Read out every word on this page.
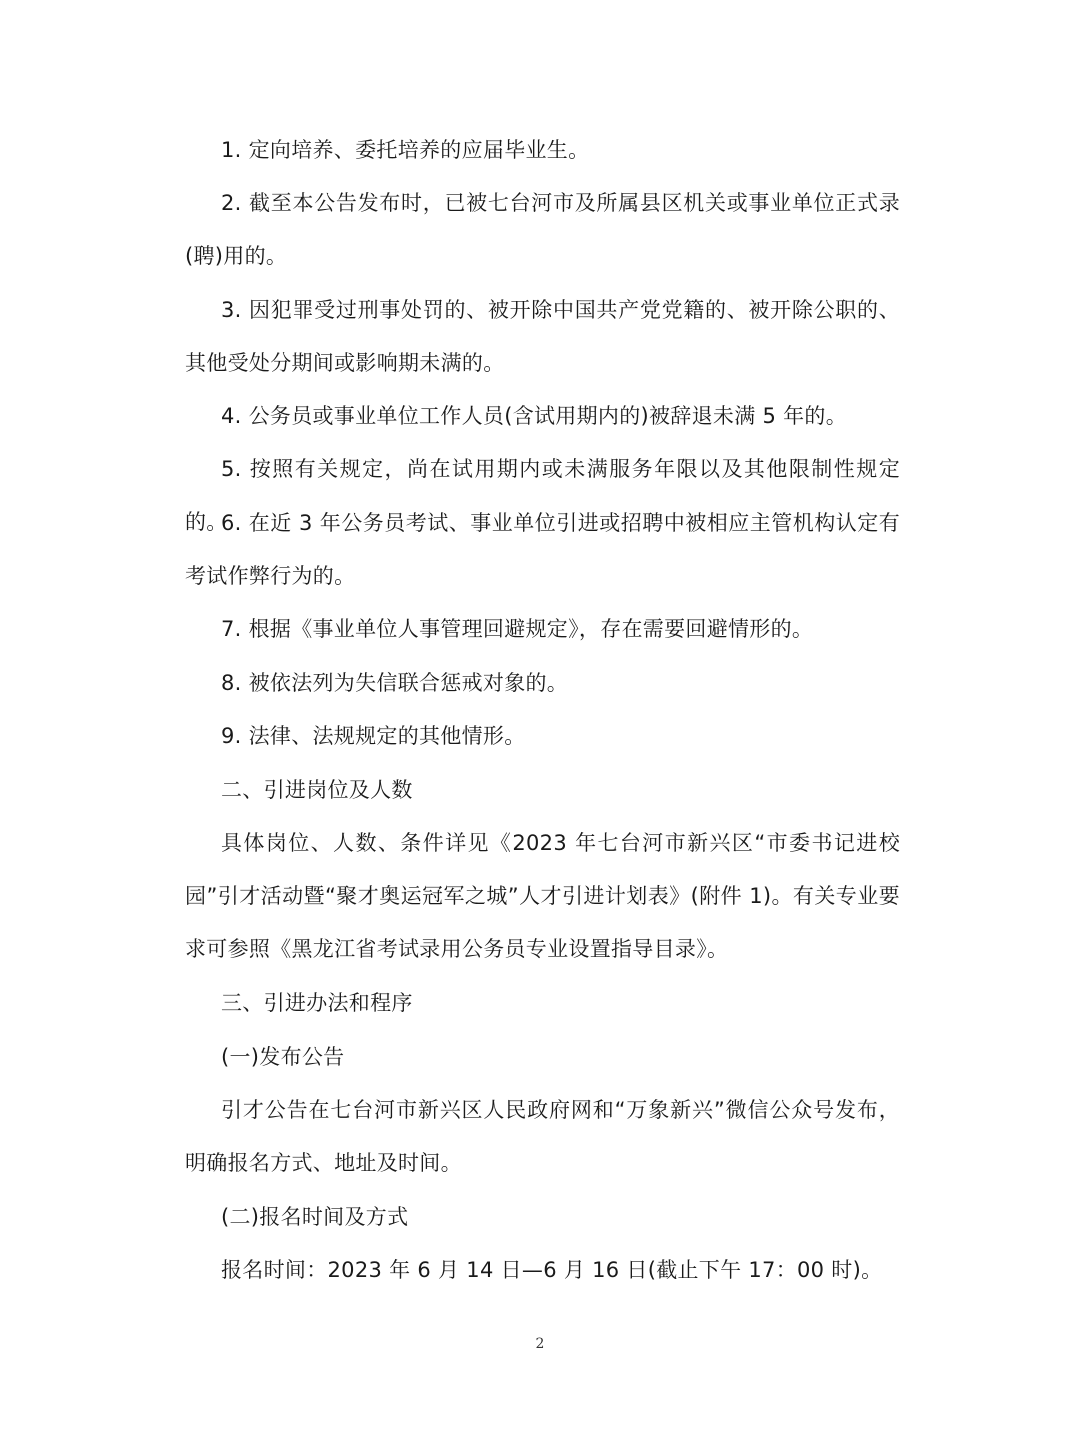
1. 定向培养、委托培养的应届毕业生。

2. 截至本公告发布时，已被七台河市及所属县区机关或事业单位正式录(聘)用的。

3. 因犯罪受过刑事处罚的、被开除中国共产党党籍的、被开除公职的、其他受处分期间或影响期未满的。

4. 公务员或事业单位工作人员(含试用期内的)被辞退未满 5 年的。

5. 按照有关规定，尚在试用期内或未满服务年限以及其他限制性规定的。

6. 在近 3 年公务员考试、事业单位引进或招聘中被相应主管机构认定有考试作弊行为的。

7. 根据《事业单位人事管理回避规定》，存在需要回避情形的。

8. 被依法列为失信联合惩戒对象的。

9. 法律、法规规定的其他情形。

二、引进岗位及人数

具体岗位、人数、条件详见《2023 年七台河市新兴区“市委书记进校园”引才活动暨“聚才奥运冠军之城”人才引进计划表》(附件 1)。有关专业要求可参照《黑龙江省考试录用公务员专业设置指导目录》。

三、引进办法和程序

(一)发布公告

引才公告在七台河市新兴区人民政府网和“万象新兴”微信公众号发布，明确报名方式、地址及时间。

(二)报名时间及方式

报名时间：2023 年 6 月 14 日—6 月 16 日(截止下午 17：00 时)。

2
